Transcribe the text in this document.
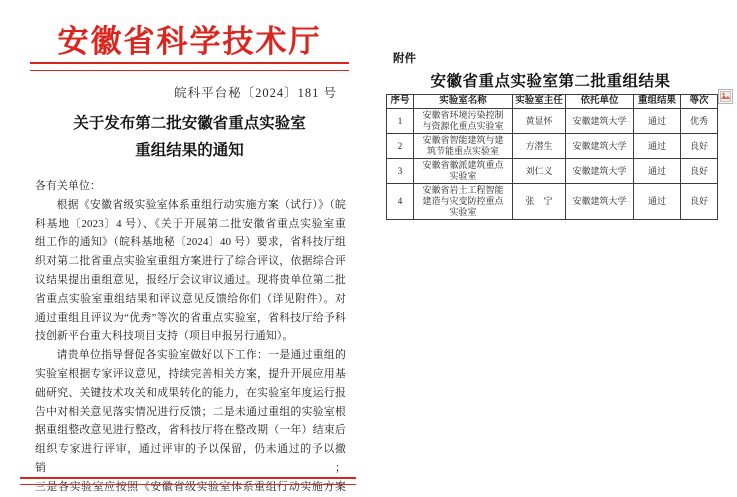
安徽省科学技术厅
皖科平台秘〔2024〕181 号
关于发布第二批安徽省重点实验室
重组结果的通知
各有关单位：
根据《安徽省级实验室体系重组行动实施方案（试行）》（皖
科基地〔2023〕4 号）、《关于开展第二批安徽省重点实验室重
组工作的通知》（皖科基地秘〔2024〕40 号）要求，省科技厅组
织对第二批省重点实验室重组方案进行了综合评议，依据综合评
议结果提出重组意见，报经厅会议审议通过。现将贵单位第二批
省重点实验室重组结果和评议意见反馈给你们（详见附件）。对
通过重组且评议为“优秀”等次的省重点实验室，省科技厅给予科
技创新平台重大科技项目支持（项目申报另行通知）。
请贵单位指导督促各实验室做好以下工作：一是通过重组的
实验室根据专家评议意见，持续完善相关方案，提升开展应用基
础研究、关键技术攻关和成果转化的能力，在实验室年度运行报
告中对相关意见落实情况进行反馈；二是未通过重组的实验室根
据重组整改意见进行整改，省科技厅将在整改期（一年）结束后
组织专家进行评审，通过评审的予以保留，仍未通过的予以撤销；
三是各实验室应按照《安徽省级实验室体系重组行动实施方案
附件
安徽省重点实验室第二批重组结果
序号	实验室名称	实验室主任	依托单位	重组结果	等次
1	安徽省环境污染控制与资源化重点实验室	黄显怀	安徽建筑大学	通过	优秀
2	安徽省智能建筑与建筑节能重点实验室	方潜生	安徽建筑大学	通过	良好
3	安徽省徽派建筑重点实验室	刘仁义	安徽建筑大学	通过	良好
4	安徽省岩土工程智能建造与灾变防控重点实验室	张　宁	安徽建筑大学	通过	良好
